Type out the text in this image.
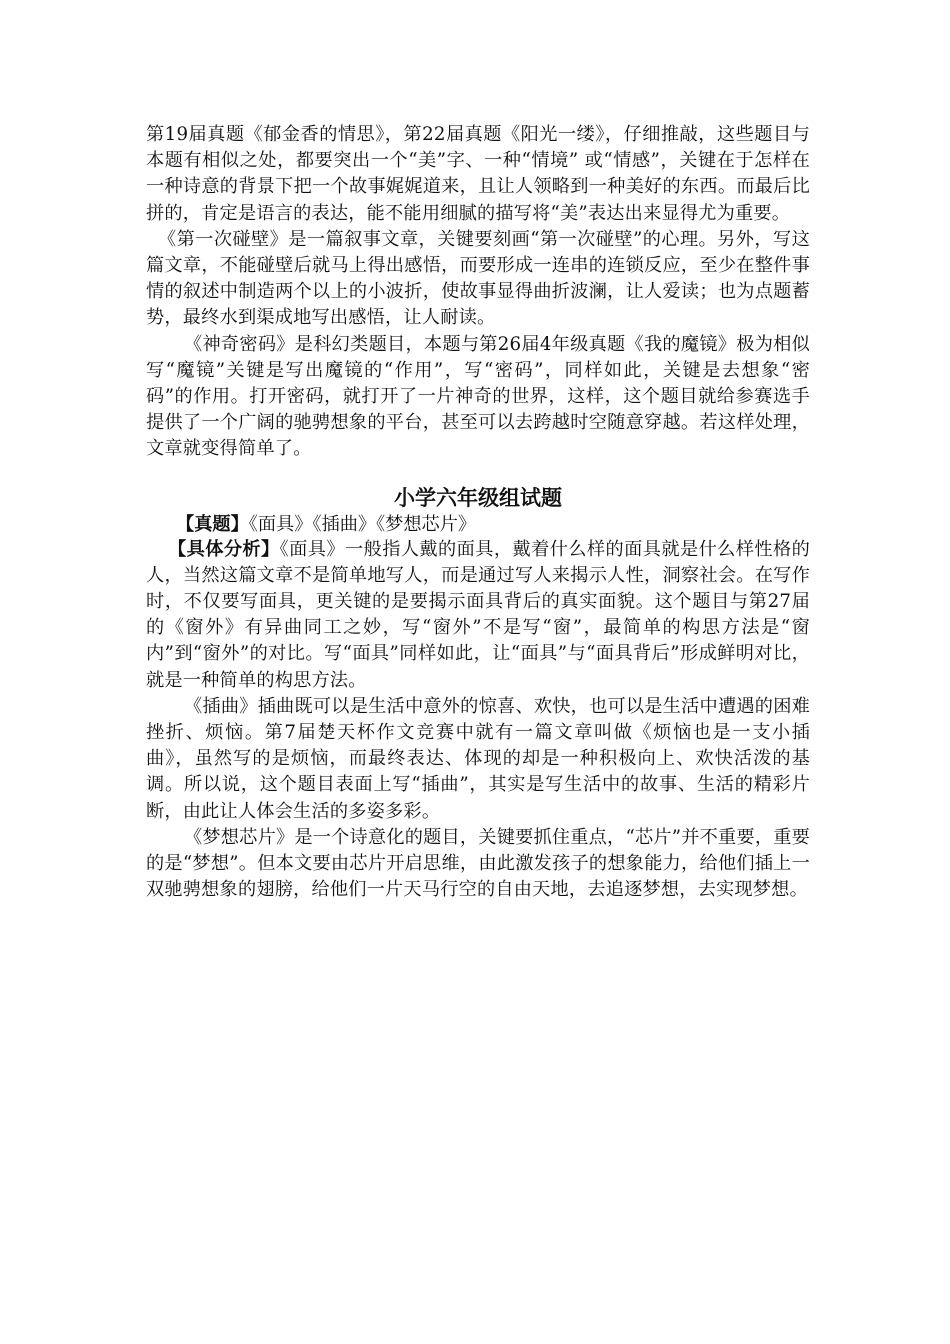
第19届真题《郁金香的情思》，第22届真题《阳光一缕》，仔细推敲，这些题目与本题有相似之处，都要突出一个“美”字、一种“情境” 或“情感”，关键在于怎样在一种诗意的背景下把一个故事娓娓道来，且让人领略到一种美好的东西。而最后比拼的，肯定是语言的表达，能不能用细腻的描写将“美”表达出来显得尤为重要。

《第一次碰壁》是一篇叙事文章，关键要刻画“第一次碰壁”的心理。另外，写这篇文章，不能碰壁后就马上得出感悟，而要形成一连串的连锁反应，至少在整件事情的叙述中制造两个以上的小波折，使故事显得曲折波澜，让人爱读；也为点题蓄势，最终水到渠成地写出感悟，让人耐读。

《神奇密码》是科幻类题目，本题与第26届4年级真题《我的魔镜》极为相似写“魔镜”关键是写出魔镜的“作用”，写“密码”，同样如此，关键是去想象“密码”的作用。打开密码，就打开了一片神奇的世界，这样，这个题目就给参赛选手提供了一个广阔的驰骋想象的平台，甚至可以去跨越时空随意穿越。若这样处理，文章就变得简单了。

小学六年级组试题

【真题】《面具》《插曲》《梦想芯片》

【具体分析】《面具》一般指人戴的面具，戴着什么样的面具就是什么样性格的人，当然这篇文章不是简单地写人，而是通过写人来揭示人性，洞察社会。在写作时，不仅要写面具，更关键的是要揭示面具背后的真实面貌。这个题目与第27届的《窗外》有异曲同工之妙，写“窗外”不是写“窗”，最简单的构思方法是“窗内”到“窗外”的对比。写“面具”同样如此，让“面具”与“面具背后”形成鲜明对比，就是一种简单的构思方法。

《插曲》插曲既可以是生活中意外的惊喜、欢快，也可以是生活中遭遇的困难挫折、烦恼。第7届楚天杯作文竞赛中就有一篇文章叫做《烦恼也是一支小插曲》，虽然写的是烦恼，而最终表达、体现的却是一种积极向上、欢快活泼的基调。所以说，这个题目表面上写“插曲”，其实是写生活中的故事、生活的精彩片断，由此让人体会生活的多姿多彩。

《梦想芯片》是一个诗意化的题目，关键要抓住重点，“芯片”并不重要，重要的是“梦想”。但本文要由芯片开启思维，由此激发孩子的想象能力，给他们插上一双驰骋想象的翅膀，给他们一片天马行空的自由天地，去追逐梦想，去实现梦想。
